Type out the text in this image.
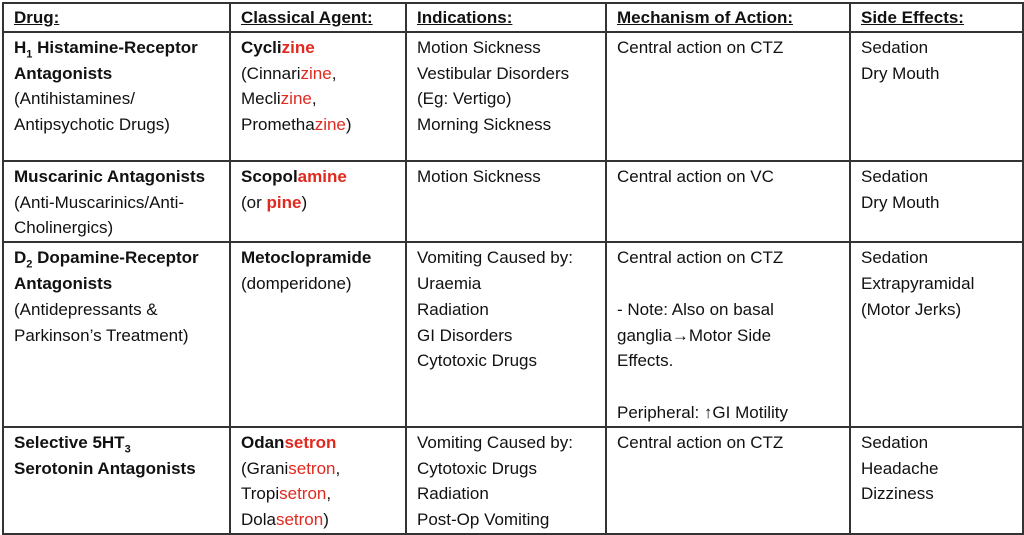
Drug:	Classical Agent:	Indications:	Mechanism of Action:	Side Effects:

$H_1$ Histamine-Receptor
Antagonists
(Antihistamines/
Antipsychotic Drugs)	Cyclizine
(Cinnarizine,
Meclizine,
Promethazine)	Motion Sickness
Vestibular Disorders
(Eg: Vertigo)
Morning Sickness	Central action on CTZ	Sedation
Dry Mouth

Muscarinic Antagonists
(Anti-Muscarinics/Anti-
Cholinergics)	Scopolamine
(or pine)	Motion Sickness	Central action on VC	Sedation
Dry Mouth

$D_2$ Dopamine-Receptor
Antagonists
(Antidepressants &
Parkinson’s Treatment)	Metoclopramide
(domperidone)	Vomiting Caused by:
Uraemia
Radiation
GI Disorders
Cytotoxic Drugs	Central action on CTZ
- Note: Also on basal
ganglia→Motor Side
Effects.
Peripheral: ↑GI Motility	Sedation
Extrapyramidal
(Motor Jerks)

Selective $5HT_3$
Serotonin Antagonists	Odansetron
(Granisetron,
Tropisetron,
Dolasetron)	Vomiting Caused by:
Cytotoxic Drugs
Radiation
Post-Op Vomiting	Central action on CTZ	Sedation
Headache
Dizziness
